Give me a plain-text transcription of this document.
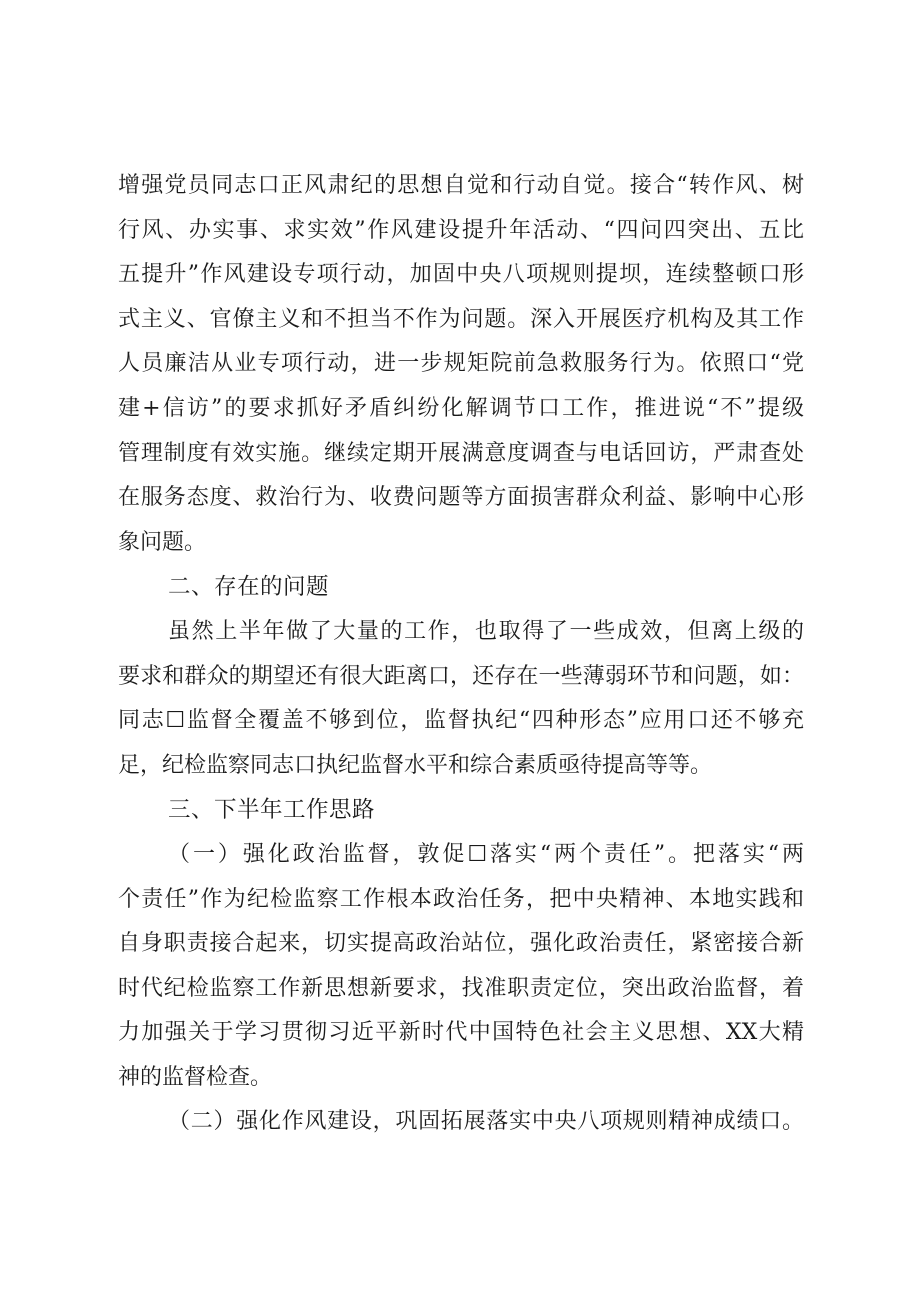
增强党员同志口正风肃纪的思想自觉和行动自觉。接合“转作风、树
行风、办实事、求实效”作风建设提升年活动、“四问四突出、五比
五提升”作风建设专项行动，加固中央八项规则提坝，连续整顿口形
式主义、官僚主义和不担当不作为问题。深入开展医疗机构及其工作
人员廉洁从业专项行动，进一步规矩院前急救服务行为。依照口“党
建+信访”的要求抓好矛盾纠纷化解调节口工作，推进说“不”提级
管理制度有效实施。继续定期开展满意度调查与电话回访，严肃查处
在服务态度、救治行为、收费问题等方面损害群众利益、影响中心形
象问题。
二、存在的问题
虽然上半年做了大量的工作，也取得了一些成效，但离上级的
要求和群众的期望还有很大距离口，还存在一些薄弱环节和问题，如：
同志☐监督全覆盖不够到位，监督执纪“四种形态”应用口还不够充
足，纪检监察同志口执纪监督水平和综合素质亟待提高等等。
三、下半年工作思路
（一）强化政治监督，敦促☐落实“两个责任”。把落实“两
个责任”作为纪检监察工作根本政治任务，把中央精神、本地实践和
自身职责接合起来，切实提高政治站位，强化政治责任，紧密接合新
时代纪检监察工作新思想新要求，找准职责定位，突出政治监督，着
力加强关于学习贯彻习近平新时代中国特色社会主义思想、XX大精
神的监督检查。
（二）强化作风建设，巩固拓展落实中央八项规则精神成绩口。
